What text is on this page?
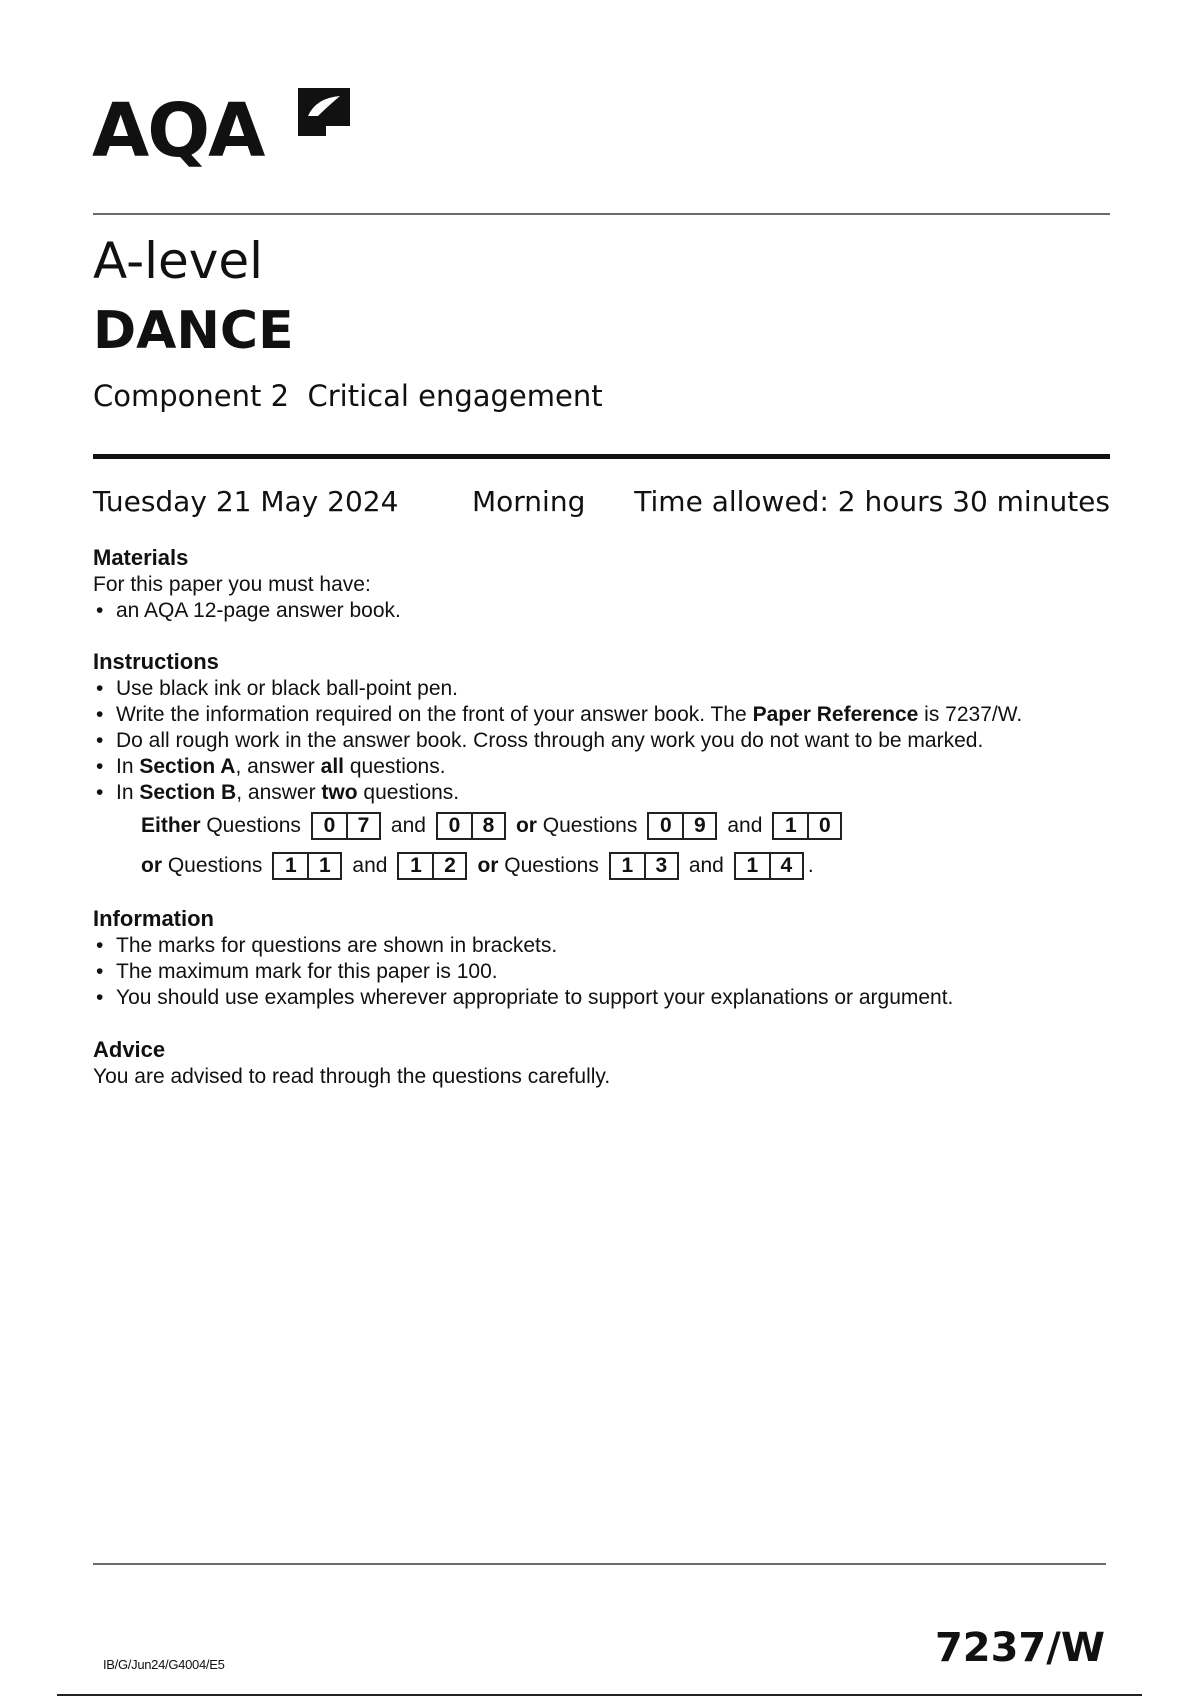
AQA
A-level
DANCE
Component 2  Critical engagement
Tuesday 21 May 2024	Morning Time allowed: 2 hours 30 minutes
Materials
For this paper you must have:
• an AQA 12-page answer book.
Instructions
• Use black ink or black ball-point pen.
• Write the information required on the front of your answer book. The Paper Reference is 7237/W.
• Do all rough work in the answer book. Cross through any work you do not want to be marked.
• In Section A, answer all questions.
• In Section B, answer two questions.
Either Questions	0	7	and	0	8	or Questions	0	9	and	1	0
or Questions	1	1	and	1	2	or Questions	1	3	and	1	4 .
Information
• The marks for questions are shown in brackets.
• The maximum mark for this paper is 100.
• You should use examples wherever appropriate to support your explanations or argument.
Advice
You are advised to read through the questions carefully.
IB/G/Jun24/G4004/E5	7237/W
